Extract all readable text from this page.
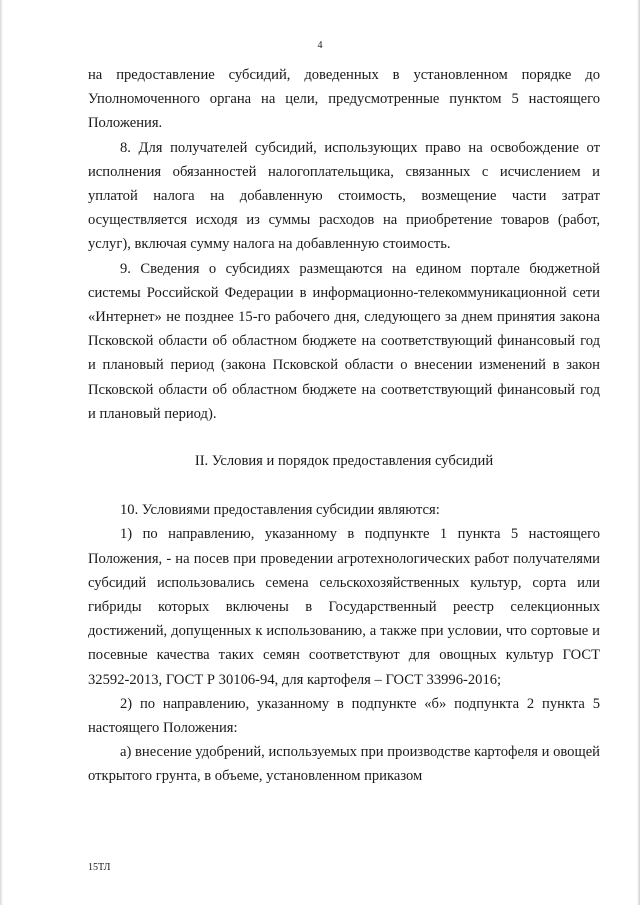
4

на предоставление субсидий, доведенных в установленном порядке до Уполномоченного органа на цели, предусмотренные пунктом 5 настоящего Положения.

8. Для получателей субсидий, использующих право на освобождение от исполнения обязанностей налогоплательщика, связанных с исчислением и уплатой налога на добавленную стоимость, возмещение части затрат осуществляется исходя из суммы расходов на приобретение товаров (работ, услуг), включая сумму налога на добавленную стоимость.

9. Сведения о субсидиях размещаются на едином портале бюджетной системы Российской Федерации в информационно-телекоммуникационной сети «Интернет» не позднее 15-го рабочего дня, следующего за днем принятия закона Псковской области об областном бюджете на соответствующий финансовый год и плановый период (закона Псковской области о внесении изменений в закон Псковской области об областном бюджете на соответствующий финансовый год и плановый период).

II. Условия и порядок предоставления субсидий

10. Условиями предоставления субсидии являются:

1) по направлению, указанному в подпункте 1 пункта 5 настоящего Положения, - на посев при проведении агротехнологических работ получателями субсидий использовались семена сельскохозяйственных культур, сорта или гибриды которых включены в Государственный реестр селекционных достижений, допущенных к использованию, а также при условии, что сортовые и посевные качества таких семян соответствуют для овощных культур ГОСТ 32592-2013, ГОСТ Р 30106-94, для картофеля – ГОСТ 33996-2016;

2) по направлению, указанному в подпункте «б» подпункта 2 пункта 5 настоящего Положения:

а) внесение удобрений, используемых при производстве картофеля и овощей открытого грунта, в объеме, установленном приказом

15ТЛ
